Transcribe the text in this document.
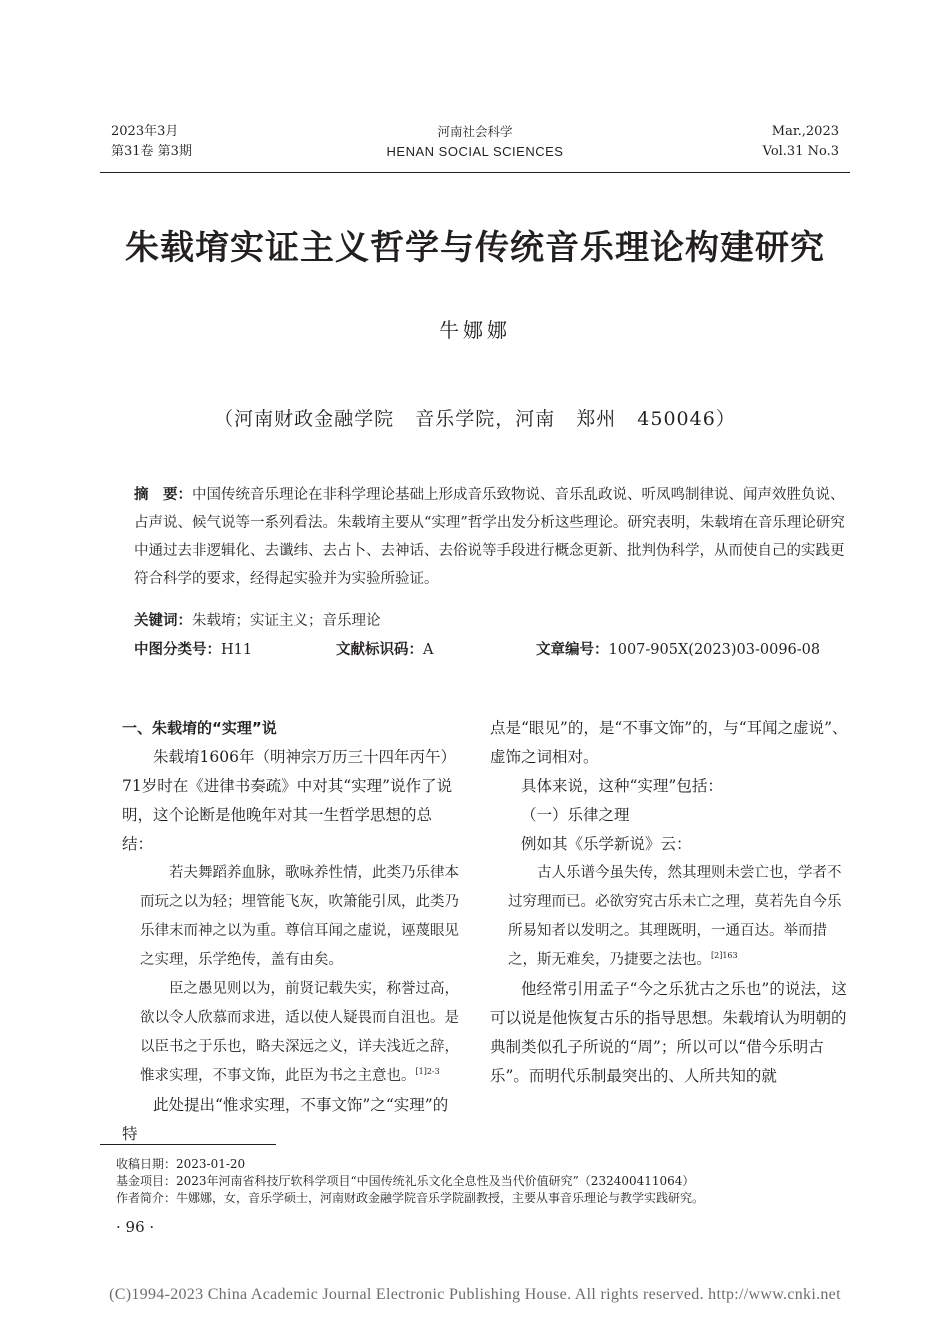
2023年3月
第31卷 第3期
河南社会科学
HENAN SOCIAL SCIENCES
Mar.,2023
Vol.31 No.3
朱载堉实证主义哲学与传统音乐理论构建研究
牛娜娜
（河南财政金融学院 音乐学院，河南 郑州 450046）
摘　要：中国传统音乐理论在非科学理论基础上形成音乐致物说、音乐乱政说、听凤鸣制律说、闻声效胜负说、占声说、候气说等一系列看法。朱载堉主要从“实理”哲学出发分析这些理论。研究表明，朱载堉在音乐理论研究中通过去非逻辑化、去谶纬、去占卜、去神话、去俗说等手段进行概念更新、批判伪科学，从而使自己的实践更符合科学的要求，经得起实验并为实验所验证。
关键词：朱载堉；实证主义；音乐理论
中图分类号：H11	文献标识码：A	文章编号：1007-905X(2023)03-0096-08

一、朱载堉的“实理”说

朱载堉1606年（明神宗万历三十四年丙午）71岁时在《进律书奏疏》中对其“实理”说作了说明，这个论断是他晚年对其一生哲学思想的总结：

若夫舞蹈养血脉，歌咏养性情，此类乃乐律本而玩之以为轻；埋管能飞灰，吹箫能引凤，此类乃乐律末而神之以为重。尊信耳闻之虚说，诬蔑眼见之实理，乐学绝传，盖有由矣。

臣之愚见则以为，前贤记载失实，称誉过高，欲以令人欣慕而求进，适以使人疑畏而自沮也。是以臣书之于乐也，略夫深远之义，详夫浅近之辞，惟求实理，不事文饰，此臣为书之主意也。$^{[1]2-3}$

此处提出“惟求实理，不事文饰”之“实理”的特

点是“眼见”的，是“不事文饰”的，与“耳闻之虚说”、虚饰之词相对。

具体来说，这种“实理”包括：

（一）乐律之理

例如其《乐学新说》云：

古人乐谱今虽失传，然其理则未尝亡也，学者不过穷理而已。必欲穷究古乐未亡之理，莫若先自今乐所易知者以发明之。其理既明，一通百达。举而措之，斯无难矣，乃捷要之法也。$^{[2]163}$

他经常引用孟子“今之乐犹古之乐也”的说法，这可以说是他恢复古乐的指导思想。朱载堉认为明朝的典制类似孔子所说的“周”；所以可以“借今乐明古乐”。而明代乐制最突出的、人所共知的就

收稿日期：2023-01-20
基金项目：2023年河南省科技厅软科学项目“中国传统礼乐文化全息性及当代价值研究”（232400411064）
作者简介：牛娜娜，女，音乐学硕士，河南财政金融学院音乐学院副教授，主要从事音乐理论与教学实践研究。
· 96 ·
(C)1994-2023 China Academic Journal Electronic Publishing House. All rights reserved. http://www.cnki.net
